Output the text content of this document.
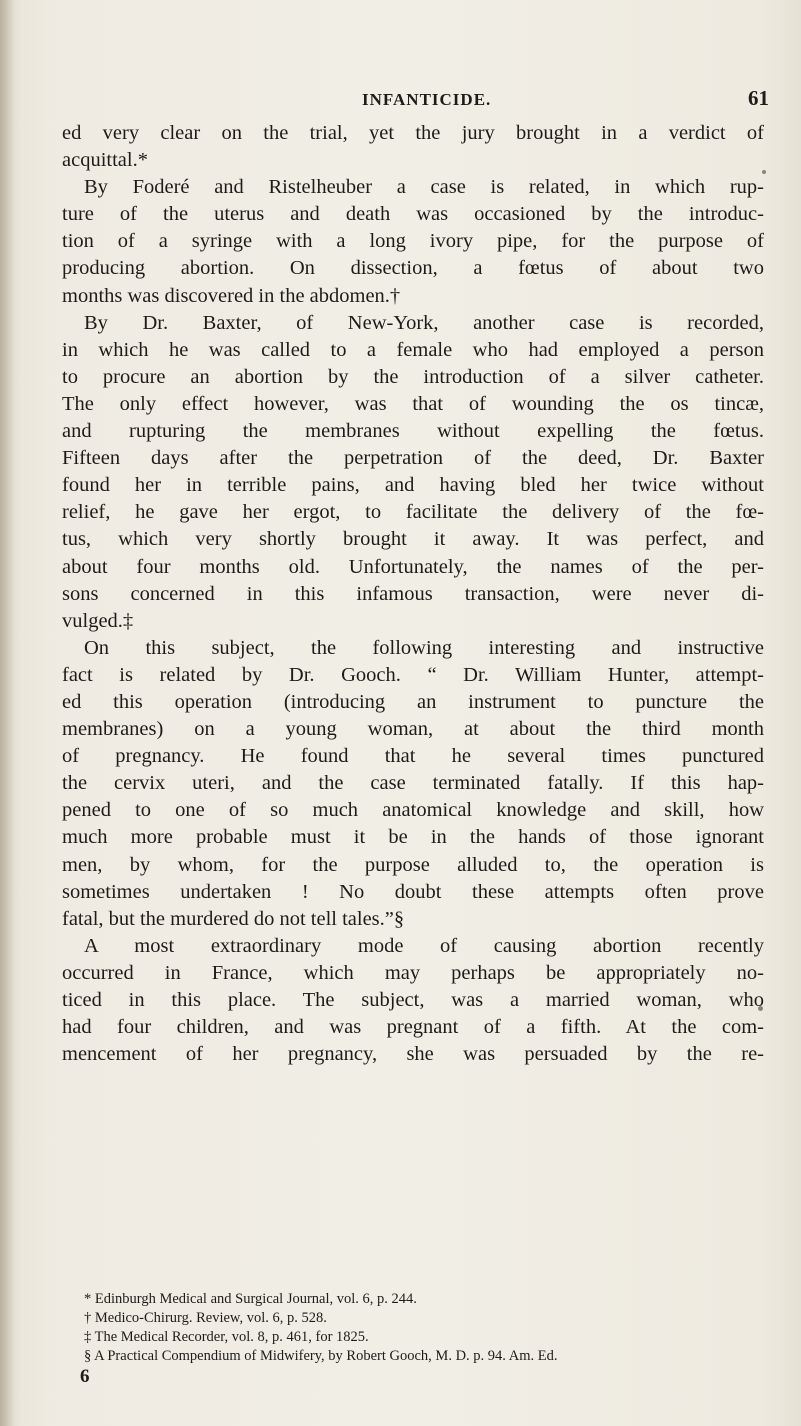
INFANTICIDE.	61
ed very clear on the trial, yet the jury brought in a verdict of
acquittal.*
By Foderé and Ristelheuber a case is related, in which rup-
ture of the uterus and death was occasioned by the introduc-
tion of a syringe with a long ivory pipe, for the purpose of
producing abortion. On dissection, a fœtus of about two
months was discovered in the abdomen.†
By Dr. Baxter, of New-York, another case is recorded,
in which he was called to a female who had employed a person
to procure an abortion by the introduction of a silver catheter.
The only effect however, was that of wounding the os tincæ,
and rupturing the membranes without expelling the fœtus.
Fifteen days after the perpetration of the deed, Dr. Baxter
found her in terrible pains, and having bled her twice without
relief, he gave her ergot, to facilitate the delivery of the fœ-
tus, which very shortly brought it away. It was perfect, and
about four months old. Unfortunately, the names of the per-
sons concerned in this infamous transaction, were never di-
vulged.‡
On this subject, the following interesting and instructive
fact is related by Dr. Gooch. “ Dr. William Hunter, attempt-
ed this operation (introducing an instrument to puncture the
membranes) on a young woman, at about the third month
of pregnancy. He found that he several times punctured
the cervix uteri, and the case terminated fatally. If this hap-
pened to one of so much anatomical knowledge and skill, how
much more probable must it be in the hands of those ignorant
men, by whom, for the purpose alluded to, the operation is
sometimes undertaken ! No doubt these attempts often prove
fatal, but the murdered do not tell tales.”§
A most extraordinary mode of causing abortion recently
occurred in France, which may perhaps be appropriately no-
ticed in this place. The subject, was a married woman, who
had four children, and was pregnant of a fifth. At the com-
mencement of her pregnancy, she was persuaded by the re-
* Edinburgh Medical and Surgical Journal, vol. 6, p. 244.
† Medico-Chirurg. Review, vol. 6, p. 528.
‡ The Medical Recorder, vol. 8, p. 461, for 1825.
§ A Practical Compendium of Midwifery, by Robert Gooch, M. D. p. 94. Am. Ed.
6
